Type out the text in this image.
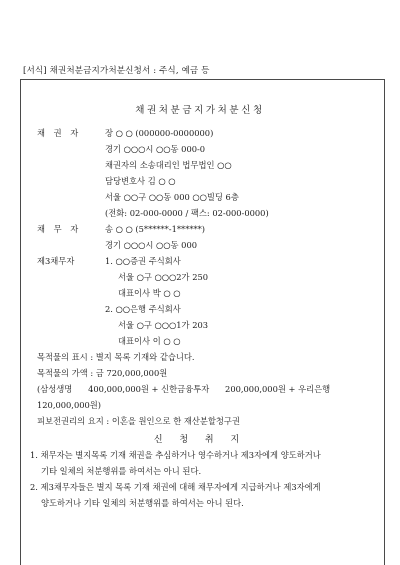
[서식] 채권처분금지가처분신청서 : 주식, 예금 등
채권처분금지가처분신청
채 권 자	장 ○ ○ (000000-0000000)
경기 ○○○시 ○○동 000-0
채권자의 소송대리인 법무법인 ○○
담당변호사 김 ○ ○
서울 ○○구 ○○동 000 ○○빌딩 6층
(전화: 02-000-0000 / 팩스: 02-000-0000)
채 무 자	송 ○ ○ (5******-1******)
경기 ○○○시 ○○동 000
제3채무자	1. ○○증권 주식회사
서울 ○구 ○○○2가 250
대표이사 박 ○ ○
2. ○○은행 주식회사
서울 ○구 ○○○1가 203
대표이사 이 ○ ○
목적물의 표시 : 별지 목록 기재와 같습니다.
목적물의 가액 : 금 720,000,000원
(삼성생명      400,000,000원 + 신한금융투자      200,000,000원 + 우리은행
120,000,000원)
피보전권리의 요지 : 이혼을 원인으로 한 재산분할청구권
신 청 취 지
1. 채무자는 별지목록 기재 채권을 추심하거나 영수하거나 제3자에게 양도하거나
기타 일체의 처분행위를 하여서는 아니 된다.
2. 제3채무자들은 별지 목록 기재 채권에 대해 채무자에게 지급하거나 제3자에게
양도하거나 기타 일체의 처분행위를 하여서는 아니 된다.
